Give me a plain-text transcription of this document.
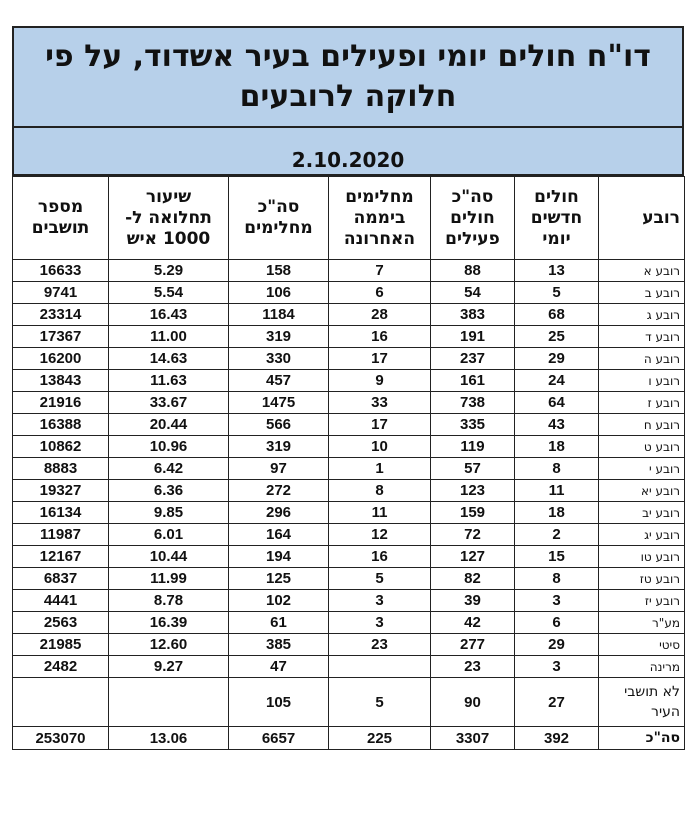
דו"ח חולים יומי ופעילים בעיר אשדוד, על פי
חלוקה לרובעים
2.10.2020
רובע	חולים חדשים יומי	סה"כ חולים פעילים	מחלימים ביממה האחרונה	סה"כ מחלימים	שיעור תחלואה ל- 1000 איש	מספר תושבים
רובע א	13	88	7	158	5.29	16633
רובע ב	5	54	6	106	5.54	9741
רובע ג	68	383	28	1184	16.43	23314
רובע ד	25	191	16	319	11.00	17367
רובע ה	29	237	17	330	14.63	16200
רובע ו	24	161	9	457	11.63	13843
רובע ז	64	738	33	1475	33.67	21916
רובע ח	43	335	17	566	20.44	16388
רובע ט	18	119	10	319	10.96	10862
רובע י	8	57	1	97	6.42	8883
רובע יא	11	123	8	272	6.36	19327
רובע יב	18	159	11	296	9.85	16134
רובע יג	2	72	12	164	6.01	11987
רובע טו	15	127	16	194	10.44	12167
רובע טז	8	82	5	125	11.99	6837
רובע יז	3	39	3	102	8.78	4441
מע"ר	6	42	3	61	16.39	2563
סיטי	29	277	23	385	12.60	21985
מרינה	3	23		47	9.27	2482
לא תושבי העיר	27	90	5	105		
סה"כ	392	3307	225	6657	13.06	253070
